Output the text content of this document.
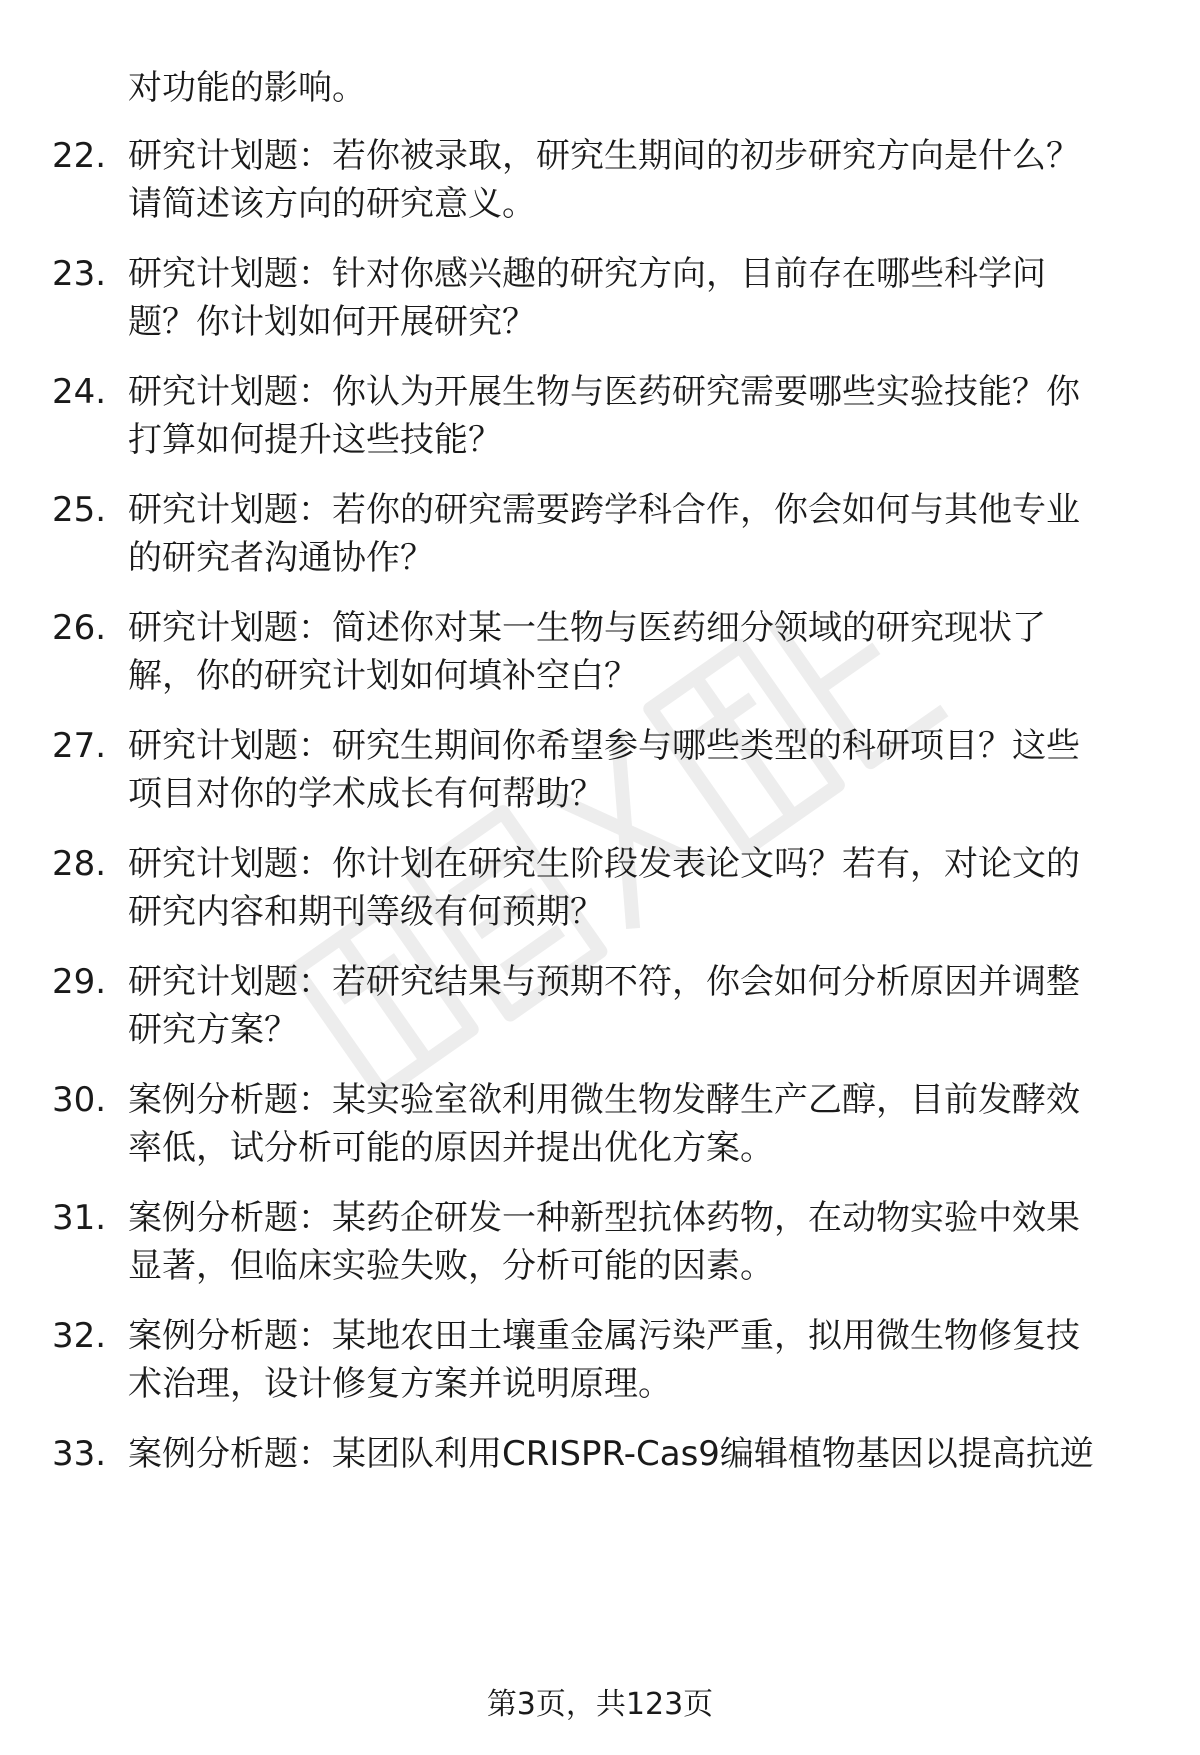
对功能的影响。
22. 研究计划题：若你被录取，研究生期间的初步研究方向是什么？
请简述该方向的研究意义。
23. 研究计划题：针对你感兴趣的研究方向，目前存在哪些科学问
题？你计划如何开展研究？
24. 研究计划题：你认为开展生物与医药研究需要哪些实验技能？你
打算如何提升这些技能？
25. 研究计划题：若你的研究需要跨学科合作，你会如何与其他专业
的研究者沟通协作？
26. 研究计划题：简述你对某一生物与医药细分领域的研究现状了
解，你的研究计划如何填补空白？
27. 研究计划题：研究生期间你希望参与哪些类型的科研项目？这些
项目对你的学术成长有何帮助？
28. 研究计划题：你计划在研究生阶段发表论文吗？若有，对论文的
研究内容和期刊等级有何预期？
29. 研究计划题：若研究结果与预期不符，你会如何分析原因并调整
研究方案？
30. 案例分析题：某实验室欲利用微生物发酵生产乙醇，目前发酵效
率低，试分析可能的原因并提出优化方案。
31. 案例分析题：某药企研发一种新型抗体药物，在动物实验中效果
显著，但临床实验失败，分析可能的因素。
32. 案例分析题：某地农田土壤重金属污染严重，拟用微生物修复技
术治理，设计修复方案并说明原理。
33. 案例分析题：某团队利用CRISPR-Cas9编辑植物基因以提高抗逆
第3页，共123页
